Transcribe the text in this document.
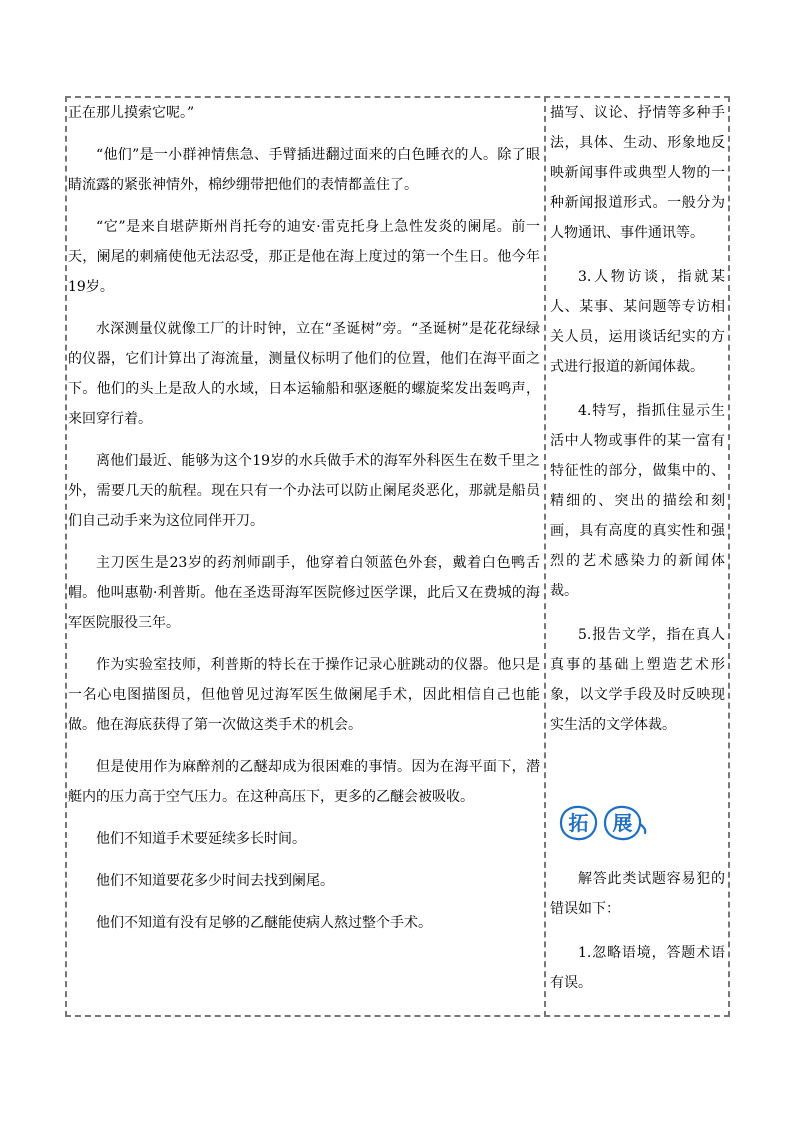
正在那儿摸索它呢。”

“他们”是一小群神情焦急、手臂插进翻过面来的白色睡衣的人。除了眼睛流露的紧张神情外，棉纱绷带把他们的表情都盖住了。

“它”是来自堪萨斯州肖托夸的迪安·雷克托身上急性发炎的阑尾。前一天，阑尾的刺痛使他无法忍受，那正是他在海上度过的第一个生日。他今年19岁。

水深测量仪就像工厂的计时钟，立在“圣诞树”旁。“圣诞树”是花花绿绿的仪器，它们计算出了海流量，测量仪标明了他们的位置，他们在海平面之下。他们的头上是敌人的水域，日本运输船和驱逐艇的螺旋桨发出轰鸣声，来回穿行着。

离他们最近、能够为这个19岁的水兵做手术的海军外科医生在数千里之外，需要几天的航程。现在只有一个办法可以防止阑尾炎恶化，那就是船员们自己动手来为这位同伴开刀。

主刀医生是23岁的药剂师副手，他穿着白领蓝色外套，戴着白色鸭舌帽。他叫惠勒·利普斯。他在圣迭哥海军医院修过医学课，此后又在费城的海军医院服役三年。

作为实验室技师，利普斯的特长在于操作记录心脏跳动的仪器。他只是一名心电图描图员，但他曾见过海军医生做阑尾手术，因此相信自己也能做。他在海底获得了第一次做这类手术的机会。

但是使用作为麻醉剂的乙醚却成为很困难的事情。因为在海平面下，潜艇内的压力高于空气压力。在这种高压下，更多的乙醚会被吸收。

他们不知道手术要延续多长时间。

他们不知道要花多少时间去找到阑尾。

他们不知道有没有足够的乙醚能使病人熬过整个手术。

描写、议论、抒情等多种手法，具体、生动、形象地反映新闻事件或典型人物的一种新闻报道形式。一般分为人物通讯、事件通讯等。

3.人物访谈，指就某人、某事、某问题等专访相关人员，运用谈话纪实的方式进行报道的新闻体裁。

4.特写，指抓住显示生活中人物或事件的某一富有特征性的部分，做集中的、精细的、突出的描绘和刻画，具有高度的真实性和强烈的艺术感染力的新闻体裁。

5.报告文学，指在真人真事的基础上塑造艺术形象，以文学手段及时反映现实生活的文学体裁。

拓 展

解答此类试题容易犯的错误如下：

1.忽略语境，答题术语有误。
